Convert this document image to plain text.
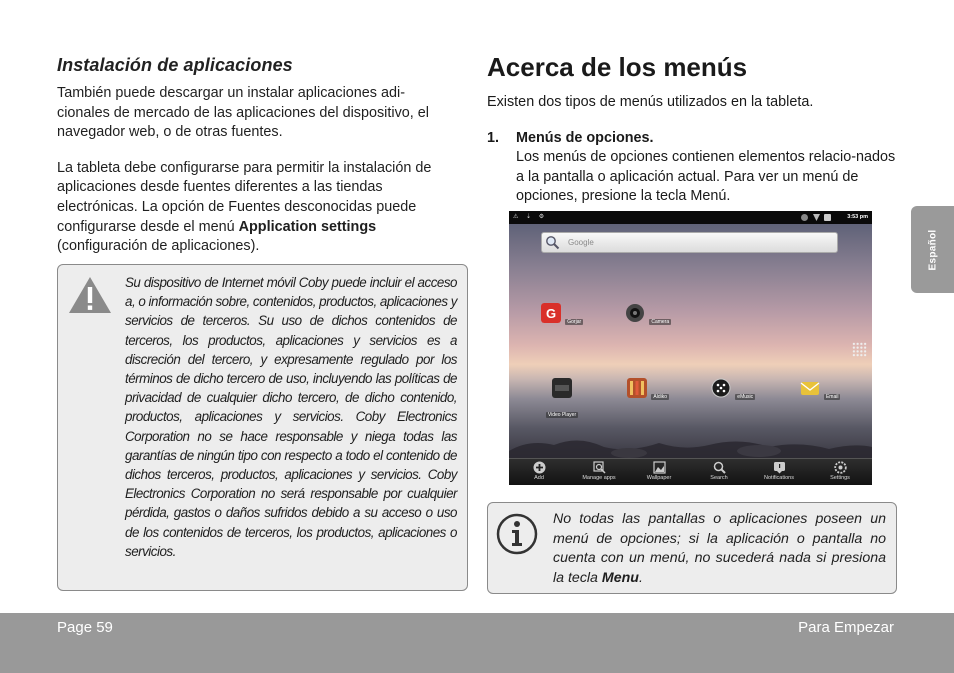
Instalación de aplicaciones

También puede descargar un instalar aplicaciones adi-cionales de mercado de las aplicaciones del dispositivo, el navegador web, o de otras fuentes.

La tableta debe configurarse para permitir la instalación de aplicaciones desde fuentes diferentes a las tiendas electrónicas. La opción de Fuentes desconocidas puede configurarse desde el menú Application settings (configuración de aplicaciones).

Su dispositivo de Internet móvil Coby puede incluir el acceso a, o información sobre, contenidos, productos, aplicaciones y servicios de terceros. Su uso de dichos contenidos de terceros, los productos, aplicaciones y servicios es a discreción del tercero, y expresamente regulado por los términos de dicho tercero de uso, incluyendo las políticas de privacidad de cualquier dicho tercero, de dicho contenido, productos, aplicaciones y servicios. Coby Electronics Corporation no se hace responsable y niega todas las garantías de ningún tipo con respecto a todo el contenido de dichos terceros, productos, aplicaciones y servicios. Coby Electronics Corporation no será responsable por cualquier pérdida, gastos o daños sufridos debido a su acceso o uso de los contenidos de terceros, los productos, aplicaciones o servicios.

Acerca de los menús

Existen dos tipos de menús utilizados en la tableta.

1. Menús de opciones.
Los menús de opciones contienen elementos relacio-nados a la pantalla o aplicación actual. Para ver un menú de opciones, presione la tecla Menú.
⚠ ⇣ ⚙	3:53 pm
Google
G
Gorjar	Camera
Video Player
Aldiko	eMusic	Email
Add	Manage apps	Wallpaper	Search	Notifications	Settings

No todas las pantallas o aplicaciones poseen un menú de opciones; si la aplicación o pantalla no cuenta con un menú, no sucederá nada si presiona la tecla Menu.

Español
Page 59	Para Empezar
